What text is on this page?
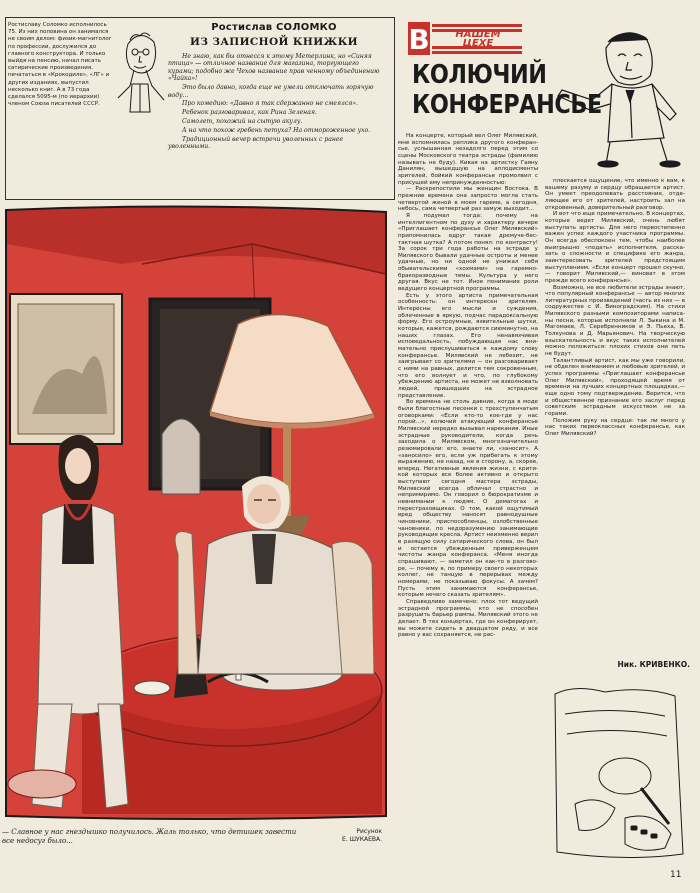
Ростиславу Соломко исполнилось 75. Из них половина он занимался не своим делом: физик-магнитолог по профессии, дослужился до главного конструктора. И только выйдя на пенсию, начал писать сатирические произведения, печататься в «Крокодиле», «ЛГ» и других изданиях, выпустил несколько книг. А в 73 года сделался 5095-м (по иерархии) членом Союза писателей СССР.
Ростислав СОЛОМКО
ИЗ ЗАПИСНОЙ КНИЖКИ

Не знаю, как бы отнесся к этому Метерлинк, но «Синяя птица» — отличное название для магазина, торгующего курами; подобно же Чехов название прав ченному объединению «Чайка»!

Это было давно, когда еще не умели отключать горячую воду...

Про комедию: «Давно я так сдержанно не смеялся».

Ребенок разговаривал, как Рина Зеленая.

Самолет, похожий на сытую акулу.

А на что похож гребень петуха? На отмороженное ухо.

Традиционный вечер встречи уволенных с ранее уволенными.

— Славное у нас гнездышко получилось. Жаль только, что детишек завести все недосуг было...
Рисунок
Е. ШУКАЕВА.
В	НАШЕМ
ЦЕХЕ
КОЛЮЧИЙ
КОНФЕРАНСЬЕ

На концерте, который вел Олег Милявский, мне вспомнилась реплика другого конферансье, услышанная незадолго перед этим со сцены Московского театра эстрады (фамилию называть не буду). Кивая на артистку Гаяну Данилян, вышедшую на аплодисменты зрителей, бойкий конферансье промолвил с присущей ему непринужденностью:

— Раскрепостили мы женщин Востока. В прежние времена она запросто могла стать четвертой женой в моем гареме, а сегодня, небось, сама четвертый раз замуж выходит...

Я подумал тогда: почему на интеллигентном по духу и характеру вечере «Приглашает конферансье Олег Милявский» припомнилась вдруг такая дремуче-бестактная шутка? А потом понял: по контрасту! За сорок три года работы на эстраде у Милявского бывали удачные остроты и менее удачные, но ни одной не унижал себя обывательскими «хохмами» на гаремно-бракоразводные темы. Культура у него другая. Вкус не тот. Иное понимание роли ведущего концертной программы.

Есть у этого артиста примечательная особенность: он интересен зрителям. Интересны его мысли и суждения, облеченные в яркую, подчас парадоксальную форму. Его остроумные, язвительные шутки, которые, кажется, рождаются сиюминутно, на наших глазах. Его ненавязчивая исповедальность, побуждающая нас внимательно прислушиваться к каждому слову конферансье. Милявский не лебезит, не заигрывает со зрителями — он разговаривает с ними на равных, делится тем сокровенным, что его волнует и что, по глубокому убеждению артиста, не может не взволновать людей, пришедших на эстрадное представление.

Во времена не столь давние, когда в моде были благостные песенки с трехступенчатым оговорками: «Если кто-то кое-где у нас порой...», колючий атакующий конферансье Милявский нередко вызывал нарекания. Иные эстрадные руководители, когда речь заходила о Милявском, многозначительно резюмировали: его, знаете ли, «заносит». А «заносило» его, если уж прибегать к этому выражению, не назад, не в сторону, а, скорее, вперед. Негативные явления жизни, с критикой которых все более активно и открыто выступают сегодня мастера эстрады, Милявский всегда обличал страстно и непримиримо. Он говорил о бюрократизме и невнимании к людям. О демагогах и перестраховщиках. О том, какой ощутимый вред обществу наносят равнодушные чиновники, приспособленцы, озлобственные чановники, по недоразумению занимающие руководящие кресла. Артист неизменно верил в разящую силу сатирического слова, он был и остается убежденным приверженцем чистоты жанра конферанса. «Меня иногда спрашивают, — заметил он как-то в разговоре, — почему я, по примеру своего некоторых коллег, не танцую в перерывах между номерами, не показываю фокусы. А зачем? Пусть этим занимаются конферансье, которым нечего сказать зрителям».

Справедливо замечено: плох тот ведущий эстрадной программы, кто не способен разрушить барьер рампы. Милявский этого не делает. В тех концертах, где он конферирует, вы можете сидеть в двадцатом ряду, и все равно у вас сохраняется, не рас-

плескается ощущение, что именно к вам, к вашему разуму и сердцу обращается артист. Он умеет преодолевать расстояние, отделяющее его от зрителей, настроить зал на откровенный, доверительный разговор.

И вот что еще примечательно. В концертах, которые ведет Милявский, очень любят выступать артисты. Для него первостепенно важен успех каждого участника программы. Он всегда обеспокоен тем, чтобы наиболее выигрышно «подать» исполнителя, рассказать о сложности и специфике его жанра, заинтересовать зрителей предстоящим выступлением. «Если концерт прошел скучно, — говорит Милявский,— виноват в этом прежде всего конферансье».

Возможно, не все любители эстрады знают, что популярный конферансье — автор многих литературных произведений (часть из них — в содружестве с И. Виноградским). На стихи Милявского разными композиторами написаны песни, которые исполняли Л. Зыкина и М. Магомаев, Л. Серебренников и Э. Пьеха, В. Толкунова и Д. Марьянович. На творческую взыскательность и вкус таких исполнителей можно положиться: плохих стихов они петь не будут.

Талантливый артист, как мы уже говорили, не обделен вниманием и любовью зрителей, и успех программы «Приглашает конферансье Олег Милявский», проходящей время от времени на лучших концертных площадках,— еще одно тому подтверждение. Верится, что и общественное признание его заслуг перед советским эстрадным искусством не за горами.

Положим руку на сердце: так ли много у нас таких первоклассных конферансье, как Олег Милявский?

Ник. КРИВЕНКО.
11
